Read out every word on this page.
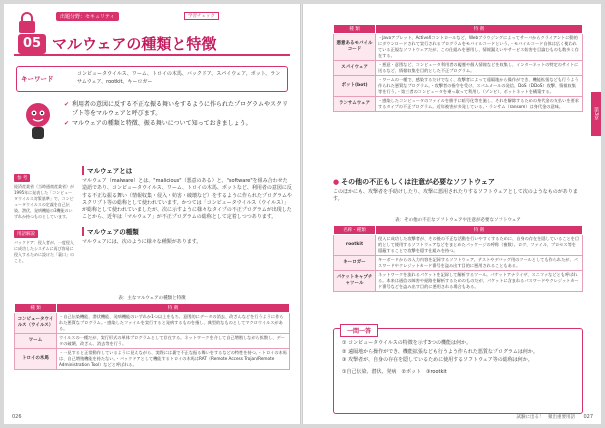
出題分野：セキュリティ	学習チェック
05 マルウェアの種類と特徴
キーワード
コンピュータウイルス、ワーム、トロイの木馬、バックドア、スパイウェア、ボット、ランサムウェア、rootkit、キーロガー
✔ 利用者の意図に反する不正な振る舞いをするように作られたプログラムやスクリプト等をマルウェアと呼びます。
✔ マルウェアの種類と特徴、振る舞いについて知っておきましょう。
参 考
経済産業省（当時通商産業省）が1995年に発表した「コンピュータウイルス対策基準」で、コンピュータウイルスの定義を自己伝染、潜伏、発病機能の3機能のいずれか持つものとしています。
用語解説
バックドア：侵入者が、一度侵入に成功したシステムに再び容易に侵入するために設けた「裏口」のこと。
マルウェアとは
マルウェア（malware）とは、"malicious"（悪意のある）と、"software"を組み合わせた造語であり、コンピュータウイルス、ワーム、トロイの木馬、ボットなど、利用者の意図に反する不正な振る舞い（情報収集・侵入・妨害・破壊など）をするように作られたプログラムやスクリプト等の総称として使われています。かつては「コンピュータウイルス（ウイルス）」が総称として使われていましたが、次に示すように様々なタイプの不正プログラムが出現したことから、近年は「マルウェア」が不正プログラムの総称として定着しつつあります。
マルウェアの種類
マルウェアには、次のように様々な種類があります。
表：主なマルウェアの種類と特徴
種 類	特 徴
コンピュータウイルス（ウイルス）	・自己伝染機能、潜伏機能、発病機能のいずれか1つ以上をもち、意図的にデータの消去、改ざんなどを行うように作られた悪質なプログラム。・感染したファイルを実行すると発病するものを指し、典型的なものとしてマクロウイルスがある。
ワーム	ウイルスの一種だが、実行形式の単体プログラムとして存在する。ネットワークを介して自己増殖しながら拡散し、データの破壊、改ざん、消去等を行う。
トロイの木馬	・一見すると正常動作しているように見えながら、実際には裏で不正な振る舞いをするなどの特性を持つ。・トロイの木馬は、自己増殖機能を持たない。・バックドアとして機能するトロイの木馬はRAT（Remote Access Trojan/Remote Administration Tool）などと呼ばれる。
026
種 類	特 徴
悪意あるモバイルコード	・Javaアプレット、ActiveXコントロールなど、Webブラウジングによってサーバからクライアントに動的にダウンロードされて実行されるプログラムをモバイルコードという。・モバイルコード自体は広く使われている正規なソフトウェアだが、この仕組みを悪用し、情報漏えいやサービス妨害を目論むものも数多く存在する。
スパイウェア	・悪意・意図など、コンピュータ利用者の履歴や個人情報などを収集し、インターネットの特定のサイトに送るなど、情報収集を目的とした不正プログラム。
ボット(bot)	・ワームの一種で、感染するだけでなく、攻撃者によって遠隔地から操作ができ、機能拡張なども行うよう作られた悪質なプログラム。・攻撃者の指令を受け、スパムメールの発信、DoS（DDoS）攻撃、情報収集等を行う。・第三者のコンピュータを乗っ取って利用し（ゾンビ）、ボットネットを構築する。
ランサムウェア	・感染したコンピュータのファイルを勝手に暗号化等を施し、それを解除するための身代金の支払いを要求するタイプの不正プログラム。近年被害が多発している。・ランサム（ransom）は身代金の意味。
第3章
● その他の不正もしくは注意が必要なソフトウェア
このほかにも、攻撃者を手助けしたり、攻撃に悪用されたりするソフトウェアとして次のようなものがあります。
表：その他の不正なソフトウェアや注意が必要なソフトウェア
名称・種類	特 徴
rootkit	侵入に成功した攻撃者が、その後の不正な活動を行いやすくするために、自身の存在を隠していることを目的として使用するソフトウェアなどをまとめたパッケージの呼称（複数）。ログ、ファイル、プロセス等を隠蔽することで攻撃を隠す仕組みを持つ。
キーロガー	キーボードからの入力内容を記録するソフトウェア。テストやデバッグ用のツールとしても作られたが、パスワードやクレジットカード番号を盗み出す目的に悪用されることもある。
パケットキャプチャツール	ネットワークを流れるパケットを記録して解析するツール。パケットアナライザ、スニファなどとも呼ばれる。本来は通信の障害や経路を解析するためのものだが、パケットに含まれるパスワードやクレジットカード番号などを盗み出す目的に悪用される場合もある。
一問一答
① コンピュータウイルスの特徴を示す3つの機能は何か。
② 遠隔地から操作ができ、機能拡張なども行うよう作られた悪質なプログラムは何か。
③ 攻撃者が、自身の存在を隠しているために使用するソフトウェア等の総称は何か。
①自己伝染、潜伏、発病　②ボット　③rootkit
試験に出る！　頻出重要用語 027
